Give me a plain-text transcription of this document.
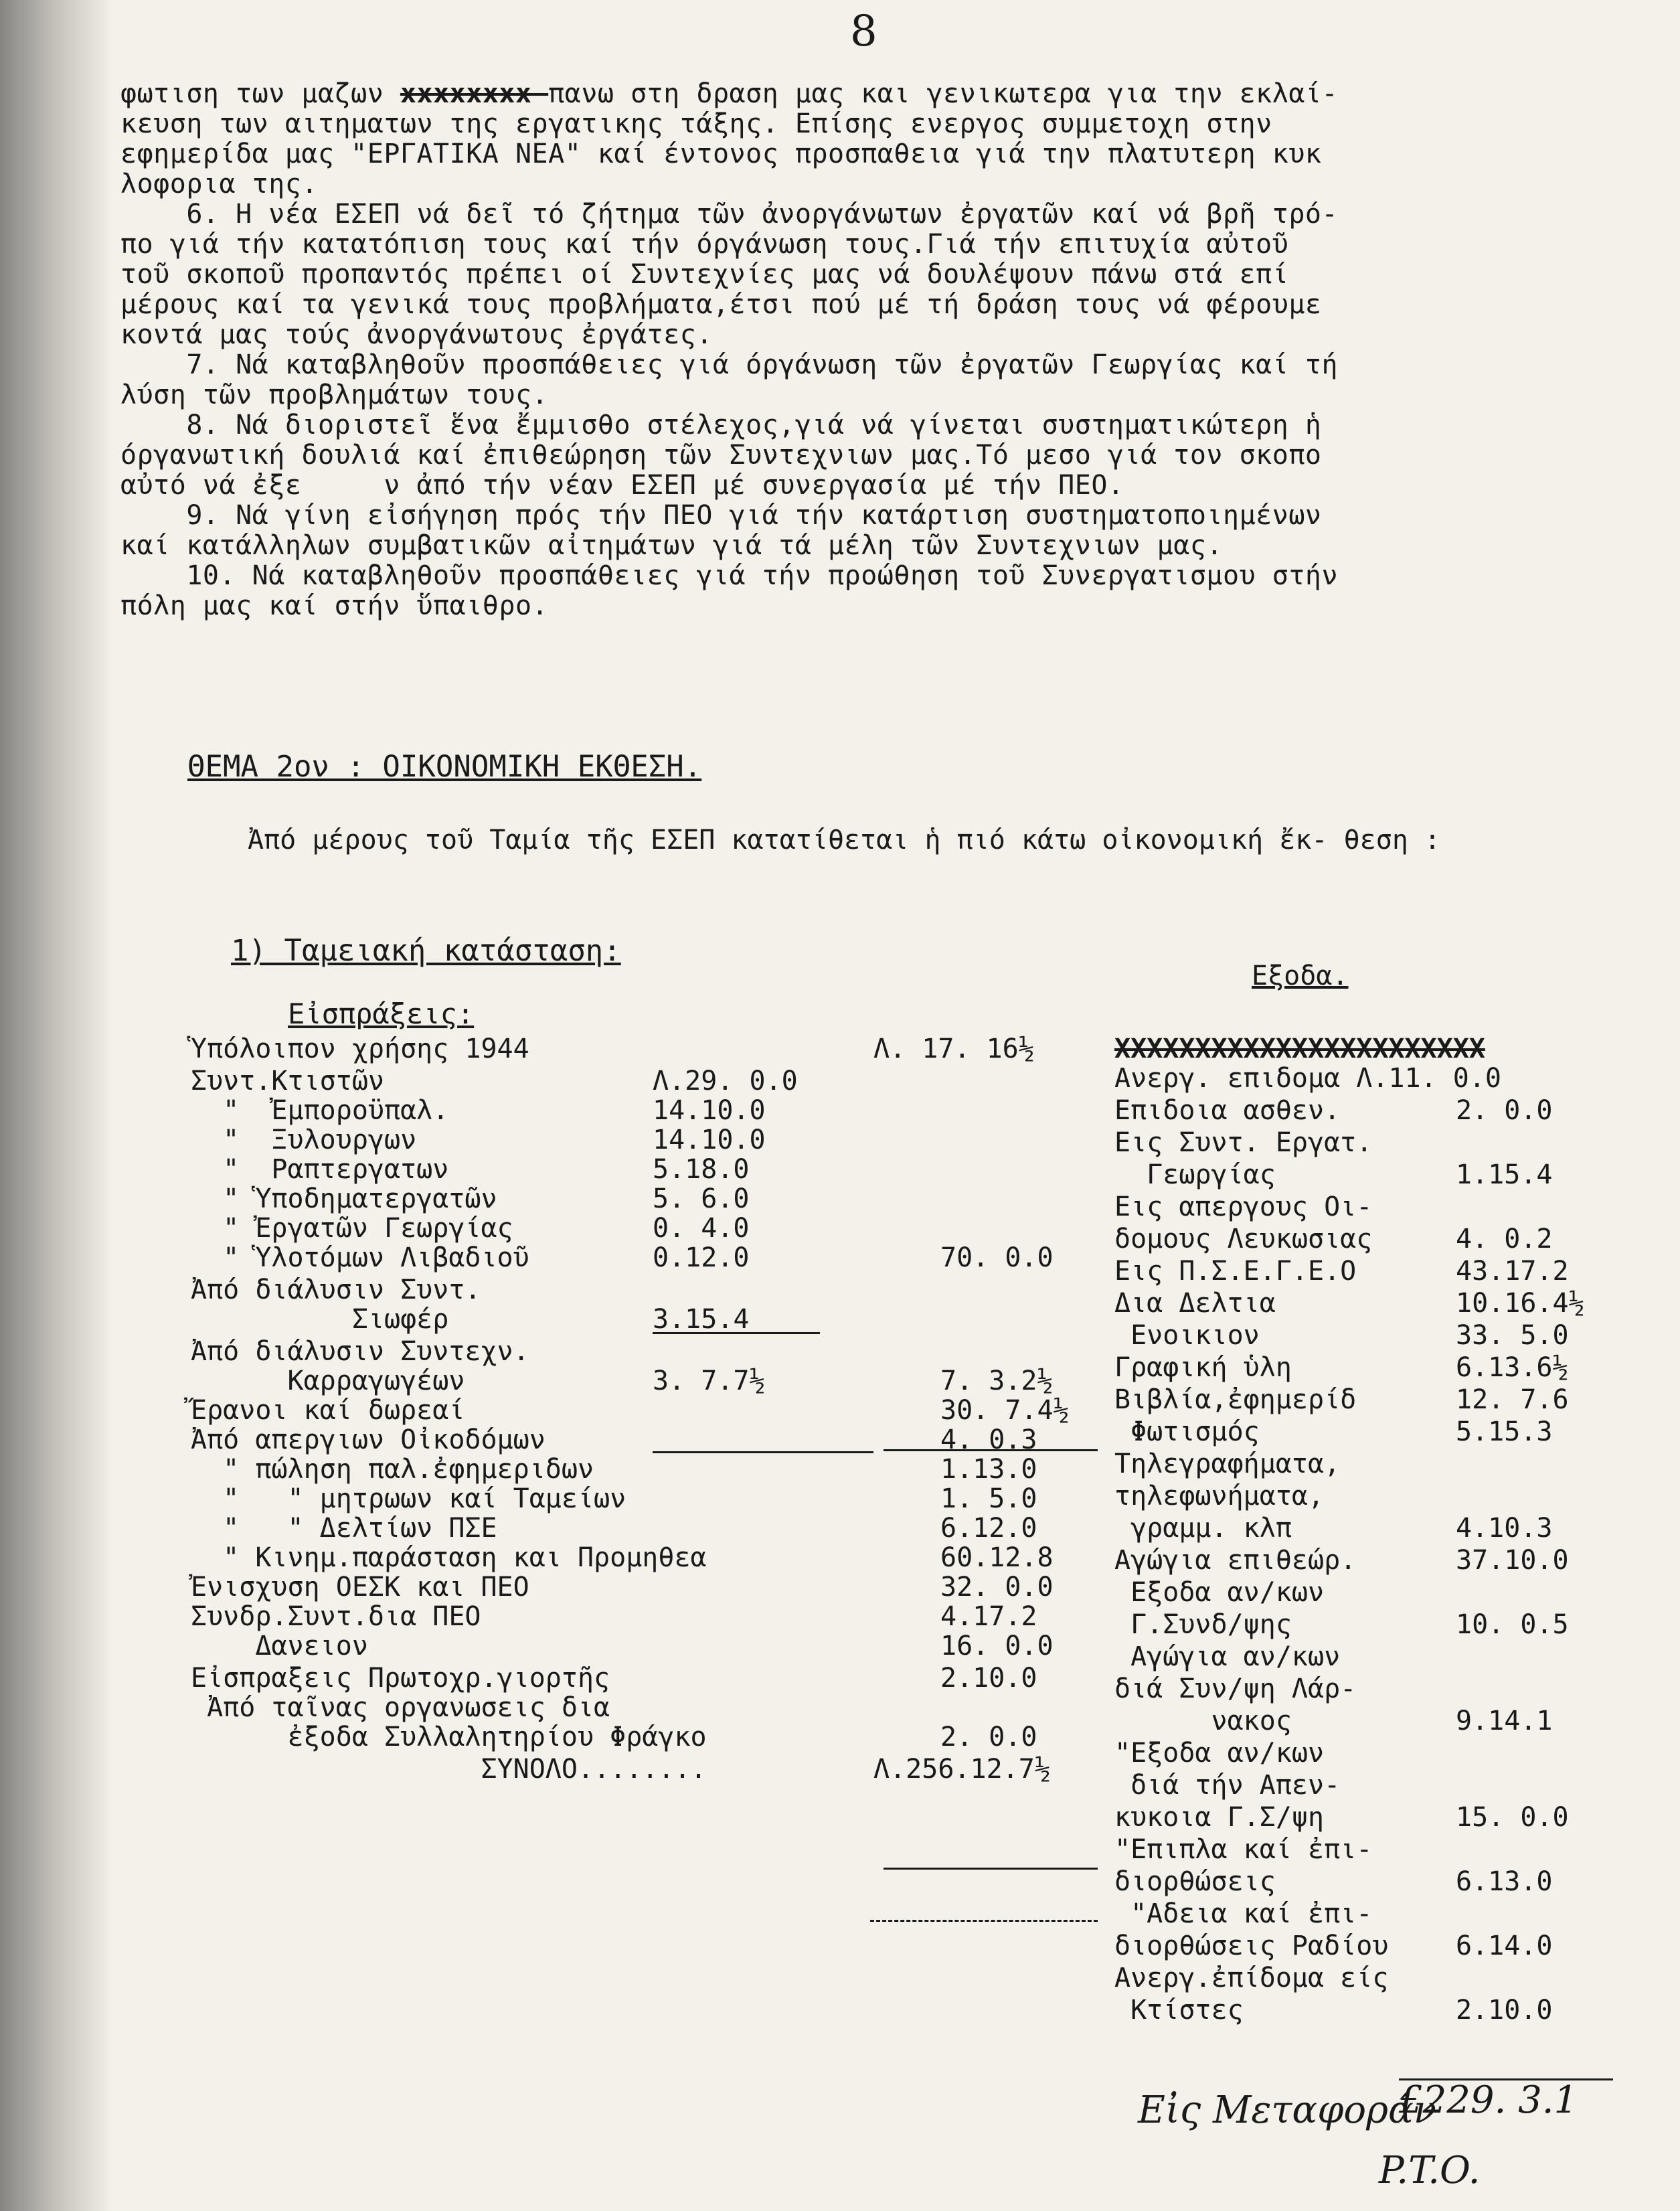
8

φωτιση των μαζων xxxxxxxx πανω στη δραση μας και γενικωτερα για την εκλαί-

κευση των αιτηματων της εργατικης τάξης. Επίσης ενεργος συμμετοχη στην

εφημερίδα μας "ΕΡΓΑΤΙΚΑ ΝΕΑ" καί έντονος προσπαθεια γιά την πλατυτερη κυκ

λοφορια της.

6. Η νέα ΕΣΕΠ νά δεῖ τό ζήτημα τῶν ἀνοργάνωτων ἐργατῶν καί νά βρῆ τρό-

πο γιά τήν κατατόπιση τους καί τήν όργάνωση τους.Γιά τήν επιτυχία αὐτοῦ

τοῦ σκοποῦ προπαντός πρέπει οί Συντεχνίες μας νά δουλέψουν πάνω στά επί

μέρους καί τα γενικά τους προβλήματα,έτσι πού μέ τή δράση τους νά φέρουμε

κοντά μας τούς ἀνοργάνωτους ἐργάτες.

7. Νά καταβληθοῦν προσπάθειες γιά όργάνωση τῶν ἐργατῶν Γεωργίας καί τή

λύση τῶν προβλημάτων τους.

8. Νά διοριστεῖ ἕνα ἔμμισθο στέλεχος,γιά νά γίνεται συστηματικώτερη ἡ

όργανωτική δουλιά καί ἐπιθεώρηση τῶν Συντεχνιων μας.Τό μεσο γιά τον σκοπο

αὐτό νά ἐξε     ν ἀπό τήν νέαν ΕΣΕΠ μέ συνεργασία μέ τήν ΠΕΟ.

9. Νά γίνη εἰσήγηση πρός τήν ΠΕΟ γιά τήν κατάρτιση συστηματοποιημένων

καί κατάλληλων συμβατικῶν αἰτημάτων γιά τά μέλη τῶν Συντεχνιων μας.

10. Νά καταβληθοῦν προσπάθειες γιά τήν προώθηση τοῦ Συνεργατισμου στήν

πόλη μας καί στήν ὕπαιθρο.

ΘΕΜΑ 2ον : ΟΙΚΟΝΟΜΙΚΗ ΕΚΘΕΣΗ.
Ἀπό μέρους τοῦ Ταμία τῆς ΕΣΕΠ κατατίθεται ἡ πιό κάτω οἰκονομική ἔκ- θεση :
1) Ταμειακή κατάσταση:
Εξοδα.
Εἰσπράξεις:
Ὑπόλοιπον χρήσης 1944	Λ. 17. 16½
Συντ.Κτιστῶν	Λ.29. 0.0
"  Ἐμποροϋπαλ.	14.10.0
"  Ξυλουργων	14.10.0
"  Ραπτεργατων	5.18.0
" Ὑποδηματεργατῶν	5. 6.0
" Ἐργατῶν Γεωργίας	0. 4.0
" Ὑλοτόμων Λιβαδιοῦ	0.12.0	70. 0.0
Ἀπό διάλυσιν Συντ.
Σιωφέρ	3.15.4
Ἀπό διάλυσιν Συντεχν.
Καρραγωγέων	3. 7.7½	7. 3.2½
Ἔρανοι καί δωρεαί	30. 7.4½
Ἀπό απεργιων Οἰκοδόμων	4. 0.3
" πώληση παλ.ἐφημεριδων	1.13.0
"   " μητρωων καί Ταμείων	1. 5.0
"   " Δελτίων ΠΣΕ	6.12.0
" Κινημ.παράσταση και Προμηθεα	60.12.8
Ἐνισχυση ΟΕΣΚ και ΠΕΟ	32. 0.0
Συνδρ.Συντ.δια ΠΕΟ	4.17.2
Δανειον	16. 0.0
Εἰσπραξεις Πρωτοχρ.γιορτῆς	2.10.0
Ἀπό ταῖνας οργανωσεις δια
ἐξοδα Συλλαλητηρίου Φράγκο	2. 0.0
ΣΥΝΟΛΟ........	Λ.256.12.7½
XXXXXXXXXXXXXXXXXXXXXXX
Ανεργ. επιδομα Λ.11. 0.0
Επιδοια ασθεν.	2. 0.0
Εις Συντ. Εργατ.
Γεωργίας	1.15.4
Εις απεργους Οι-
δομους Λευκωσιας	4. 0.2
Εις Π.Σ.Ε.Γ.Ε.Ο	43.17.2
Δια Δελτια	10.16.4½
Ενοικιον	33. 5.0
Γραφική ὑλη	6.13.6½
Βιβλία,ἐφημερίδ	12. 7.6
Φωτισμός	5.15.3
Τηλεγραφήματα,
τηλεφωνήματα,
γραμμ. κλπ	4.10.3
Αγώγια επιθεώρ.	37.10.0
Εξοδα αν/κων
Γ.Συνδ/ψης	10. 0.5
Αγώγια αν/κων
διά Συν/ψη Λάρ-
νακος	9.14.1
"Εξοδα αν/κων
διά τήν Απεν-
κυκοια Γ.Σ/ψη	15. 0.0
"Επιπλα καί ἐπι-
διορθώσεις	6.13.0
"Αδεια καί ἐπι-
διορθώσεις Ραδίου	6.14.0
Ανεργ.ἐπίδομα είς
Κτίστες	2.10.0
Εἰς Μεταφοράν
£229. 3.1
P.T.O.
